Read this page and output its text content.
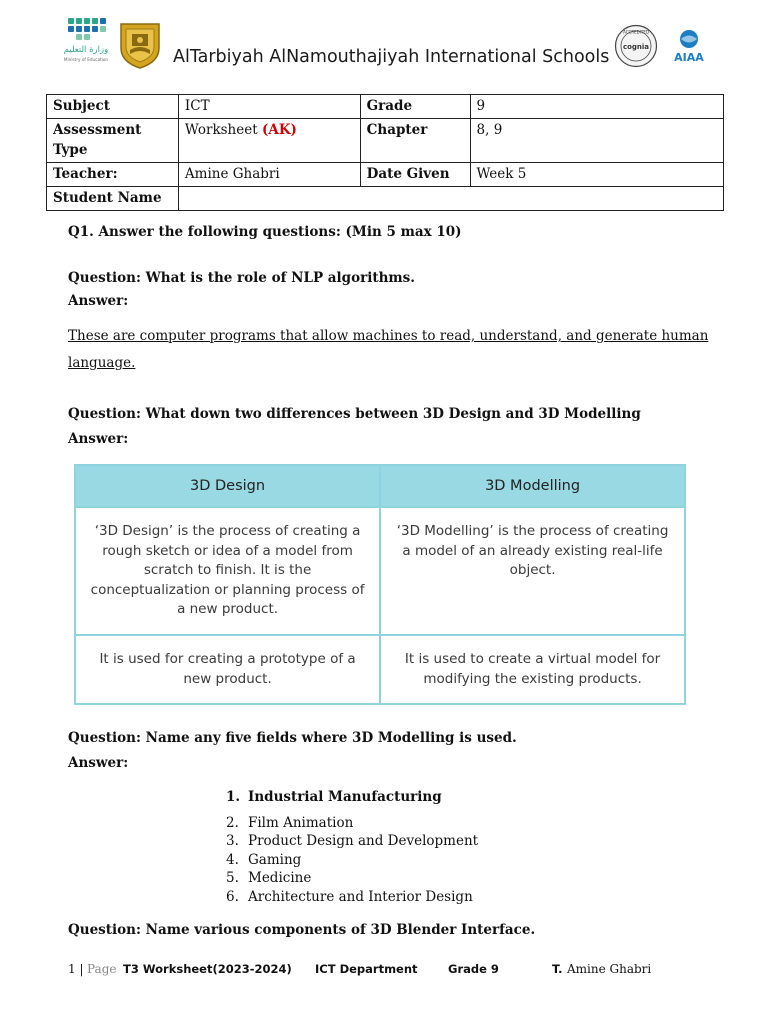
وزارة التعليم
Ministry of Education	AlTarbiyah AlNamouthajiyah International Schools
ACCREDITED
cognia
AIAA
Subject	ICT	Grade	9
Assessment Type	Worksheet (AK)	Chapter	8, 9
Teacher:	Amine Ghabri	Date Given	Week 5
Student Name			
Q1. Answer the following questions: (Min 5 max 10)
Question: What is the role of NLP algorithms.
Answer:
These are computer programs that allow machines to read, understand, and generate human
language.
Question: What down two differences between 3D Design and 3D Modelling
Answer:
3D Design	3D Modelling
‘3D Design’ is the process of creating a rough sketch or idea of a model from scratch to finish. It is the conceptualization or planning process of a new product.	‘3D Modelling’ is the process of creating a model of an already existing real-life object.
It is used for creating a prototype of a new product.	It is used to create a virtual model for modifying the existing products.
Question: Name any five fields where 3D Modelling is used.
Answer:
1. Industrial Manufacturing
2. Film Animation
3. Product Design and Development
4. Gaming
5. Medicine
6. Architecture and Interior Design
Question: Name various components of 3D Blender Interface.
1 | Page T3 Worksheet(2023-2024) ICT Department	Grade 9	T. Amine Ghabri
